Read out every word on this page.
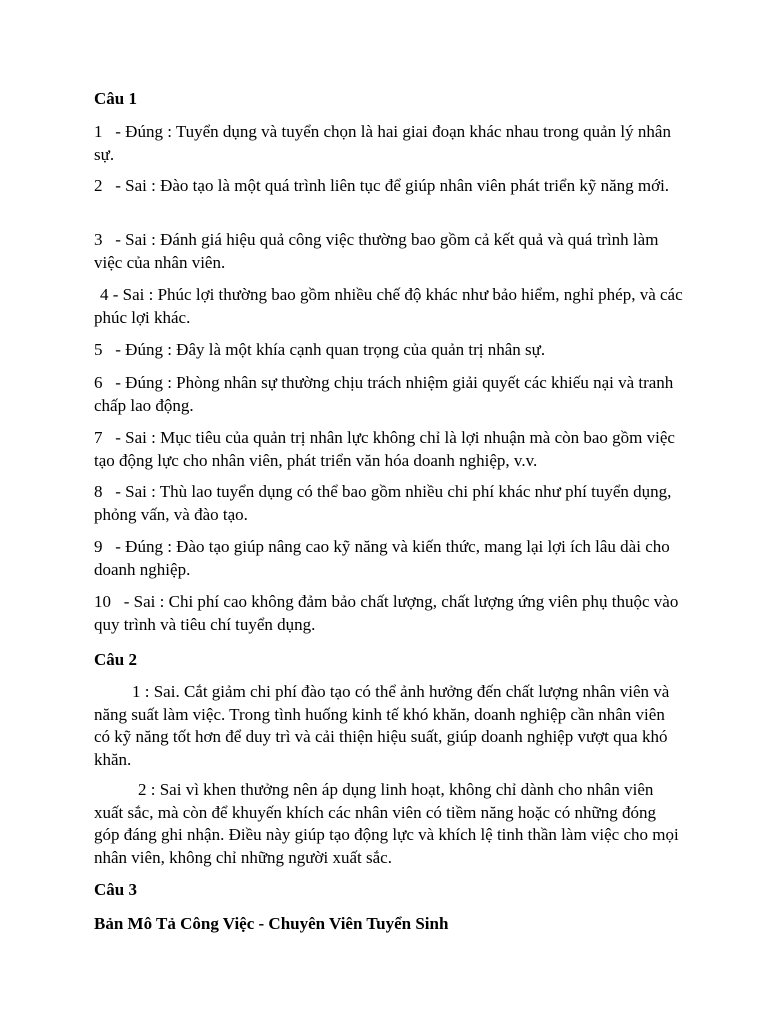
Câu 1
1   - Đúng : Tuyển dụng và tuyển chọn là hai giai đoạn khác nhau trong quản lý nhân sự.
2   - Sai : Đào tạo là một quá trình liên tục để giúp nhân viên phát triển kỹ năng mới.
3   - Sai : Đánh giá hiệu quả công việc thường bao gồm cả kết quả và quá trình làm việc của nhân viên.
4 - Sai : Phúc lợi thường bao gồm nhiều chế độ khác như bảo hiểm, nghỉ phép, và các phúc lợi khác.
5   - Đúng : Đây là một khía cạnh quan trọng của quản trị nhân sự.
6   - Đúng : Phòng nhân sự thường chịu trách nhiệm giải quyết các khiếu nại và tranh chấp lao động.
7   - Sai : Mục tiêu của quản trị nhân lực không chỉ là lợi nhuận mà còn bao gồm việc tạo động lực cho nhân viên, phát triển văn hóa doanh nghiệp, v.v.
8   - Sai : Thù lao tuyển dụng có thể bao gồm nhiều chi phí khác như phí tuyển dụng, phỏng vấn, và đào tạo.
9   - Đúng : Đào tạo giúp nâng cao kỹ năng và kiến thức, mang lại lợi ích lâu dài cho doanh nghiệp.
10   - Sai : Chi phí cao không đảm bảo chất lượng, chất lượng ứng viên phụ thuộc vào quy trình và tiêu chí tuyển dụng.
Câu 2
1 : Sai. Cắt giảm chi phí đào tạo có thể ảnh hưởng đến chất lượng nhân viên và năng suất làm việc. Trong tình huống kinh tế khó khăn, doanh nghiệp cần nhân viên có kỹ năng tốt hơn để duy trì và cải thiện hiệu suất, giúp doanh nghiệp vượt qua khó khăn.
2 : Sai vì khen thưởng nên áp dụng linh hoạt, không chỉ dành cho nhân viên xuất sắc, mà còn để khuyến khích các nhân viên có tiềm năng hoặc có những đóng góp đáng ghi nhận. Điều này giúp tạo động lực và khích lệ tinh thần làm việc cho mọi nhân viên, không chỉ những người xuất sắc.
Câu 3
Bản Mô Tả Công Việc - Chuyên Viên Tuyển Sinh
